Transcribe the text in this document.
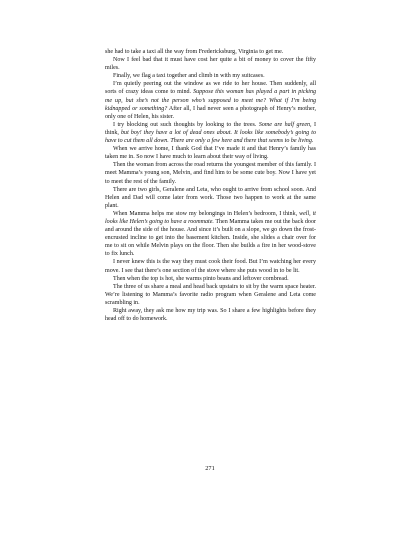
she had to take a taxi all the way from Fredericksburg, Virginia to get me.

Now I feel bad that it must have cost her quite a bit of money to cover the fifty miles.

Finally, we flag a taxi together and climb in with my suitcases.

I’m quietly peering out the window as we ride to her house. Then suddenly, all sorts of crazy ideas come to mind. Suppose this woman has played a part in picking me up, but she’s not the person who’s supposed to meet me? What if I’m being kidnapped or something? After all, I had never seen a photograph of Henry’s mother, only one of Helen, his sister.

I try blocking out such thoughts by looking to the trees. Some are half green, I think, but boy! they have a lot of dead ones about. It looks like somebody’s going to have to cut them all down. There are only a few here and there that seems to be living.

When we arrive home, I thank God that I’ve made it and that Henry’s family has taken me in. So now I have much to learn about their way of living.

Then the woman from across the road returns the youngest member of this family. I meet Mamma’s young son, Melvin, and find him to be some cute boy. Now I have yet to meet the rest of the family.

There are two girls, Geralene and Leta, who ought to arrive from school soon. And Helen and Dad will come later from work. Those two happen to work at the same plant.

When Mamma helps me stow my belongings in Helen’s bedroom, I think, well, it looks like Helen’s going to have a roommate. Then Mamma takes me out the back door and around the side of the house. And since it’s built on a slope, we go down the frost-encrusted incline to get into the basement kitchen. Inside, she slides a chair over for me to sit on while Melvin plays on the floor. Then she builds a fire in her wood-stove to fix lunch.

I never knew this is the way they must cook their food. But I’m watching her every move. I see that there’s one section of the stove where she puts wood in to be lit.

Then when the top is hot, she warms pinto beans and leftover cornbread.

The three of us share a meal and head back upstairs to sit by the warm space heater. We’re listening to Mamma’s favorite radio program when Geralene and Leta come scrambling in.

Right away, they ask me how my trip was. So I share a few highlights before they head off to do homework.

271
